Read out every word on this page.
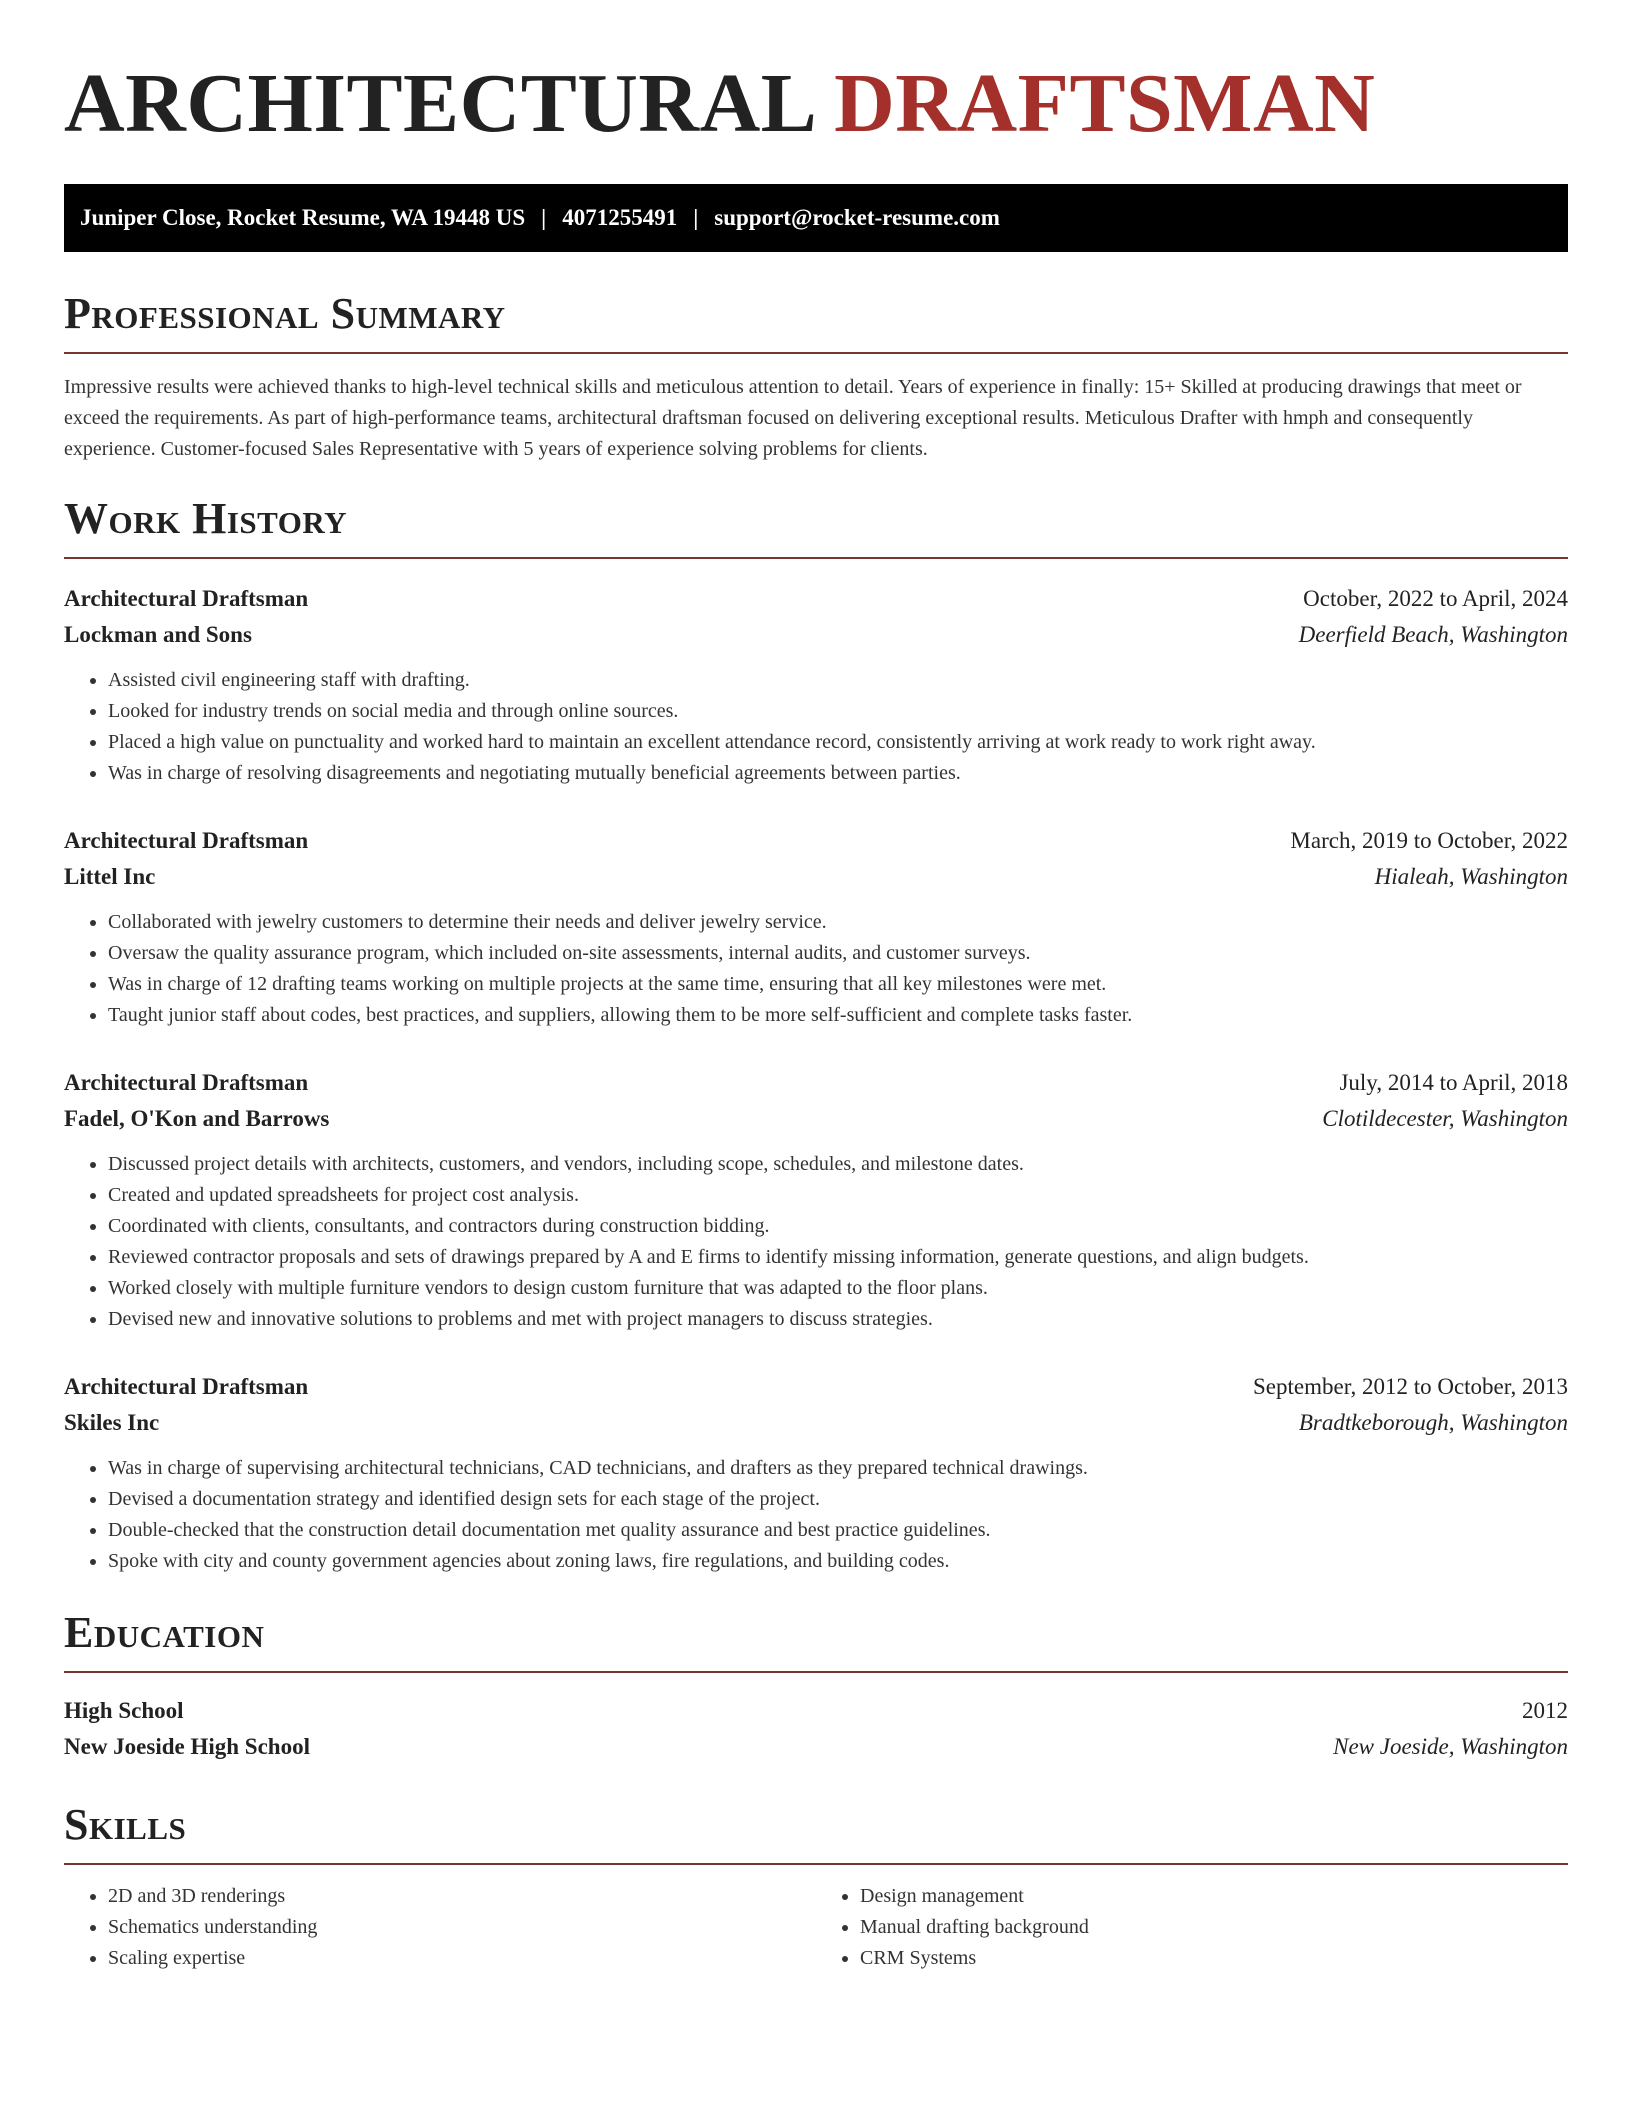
ARCHITECTURAL DRAFTSMAN
Juniper Close, Rocket Resume, WA 19448 US | 4071255491 | support@rocket-resume.com
Professional Summary

Impressive results were achieved thanks to high-level technical skills and meticulous attention to detail. Years of experience in finally: 15+ Skilled at producing drawings that meet or exceed the requirements. As part of high-performance teams, architectural draftsman focused on delivering exceptional results. Meticulous Drafter with hmph and consequently experience. Customer-focused Sales Representative with 5 years of experience solving problems for clients.

Work History
Architectural Draftsman	October, 2022 to April, 2024
Lockman and Sons	Deerfield Beach, Washington
• Assisted civil engineering staff with drafting.
• Looked for industry trends on social media and through online sources.
• Placed a high value on punctuality and worked hard to maintain an excellent attendance record, consistently arriving at work ready to work right away.
• Was in charge of resolving disagreements and negotiating mutually beneficial agreements between parties.
Architectural Draftsman	March, 2019 to October, 2022
Littel Inc	Hialeah, Washington
• Collaborated with jewelry customers to determine their needs and deliver jewelry service.
• Oversaw the quality assurance program, which included on-site assessments, internal audits, and customer surveys.
• Was in charge of 12 drafting teams working on multiple projects at the same time, ensuring that all key milestones were met.
• Taught junior staff about codes, best practices, and suppliers, allowing them to be more self-sufficient and complete tasks faster.
Architectural Draftsman	July, 2014 to April, 2018
Fadel, O'Kon and Barrows	Clotildecester, Washington
• Discussed project details with architects, customers, and vendors, including scope, schedules, and milestone dates.
• Created and updated spreadsheets for project cost analysis.
• Coordinated with clients, consultants, and contractors during construction bidding.
• Reviewed contractor proposals and sets of drawings prepared by A and E firms to identify missing information, generate questions, and align budgets.
• Worked closely with multiple furniture vendors to design custom furniture that was adapted to the floor plans.
• Devised new and innovative solutions to problems and met with project managers to discuss strategies.
Architectural Draftsman	September, 2012 to October, 2013
Skiles Inc	Bradtkeborough, Washington
• Was in charge of supervising architectural technicians, CAD technicians, and drafters as they prepared technical drawings.
• Devised a documentation strategy and identified design sets for each stage of the project.
• Double-checked that the construction detail documentation met quality assurance and best practice guidelines.
• Spoke with city and county government agencies about zoning laws, fire regulations, and building codes.
Education
High School	2012
New Joeside High School	New Joeside, Washington
Skills
• 2D and 3D renderings
• Schematics understanding
• Scaling expertise
• Design management
• Manual drafting background
• CRM Systems
